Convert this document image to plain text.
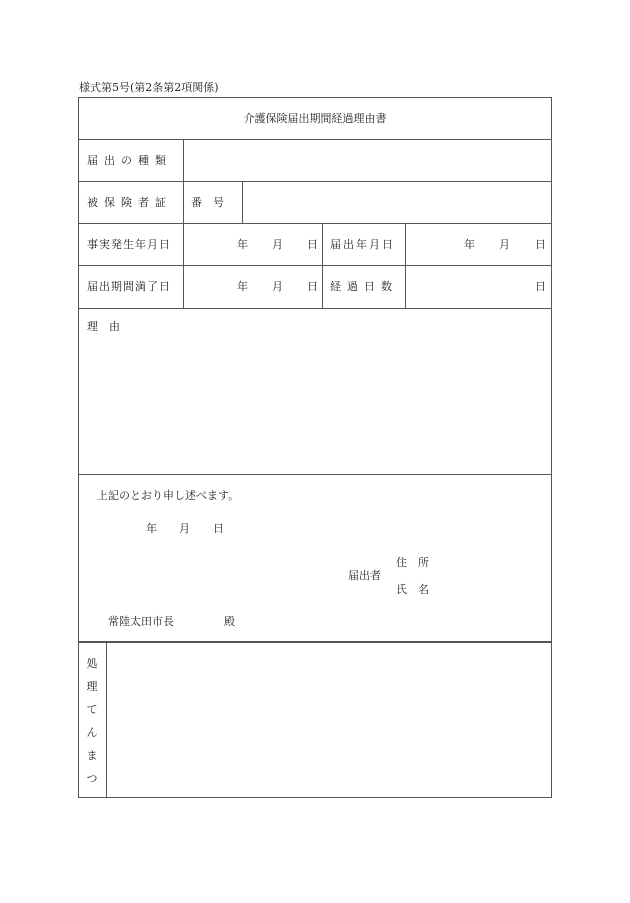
様式第5号(第2条第2項関係)
介護保険届出期間経過理由書
届出の種類
被保険者証 番　号
事実発生年月日	年 月 日 届出年月日	年 月 日
届出期間満了日	年 月 日 経過日数	日
理　由
上記のとおり申し述べます。
年 月 日
届出者
住　所
氏　名
常陸太田市長	殿
処
理
て
ん
ま
つ
